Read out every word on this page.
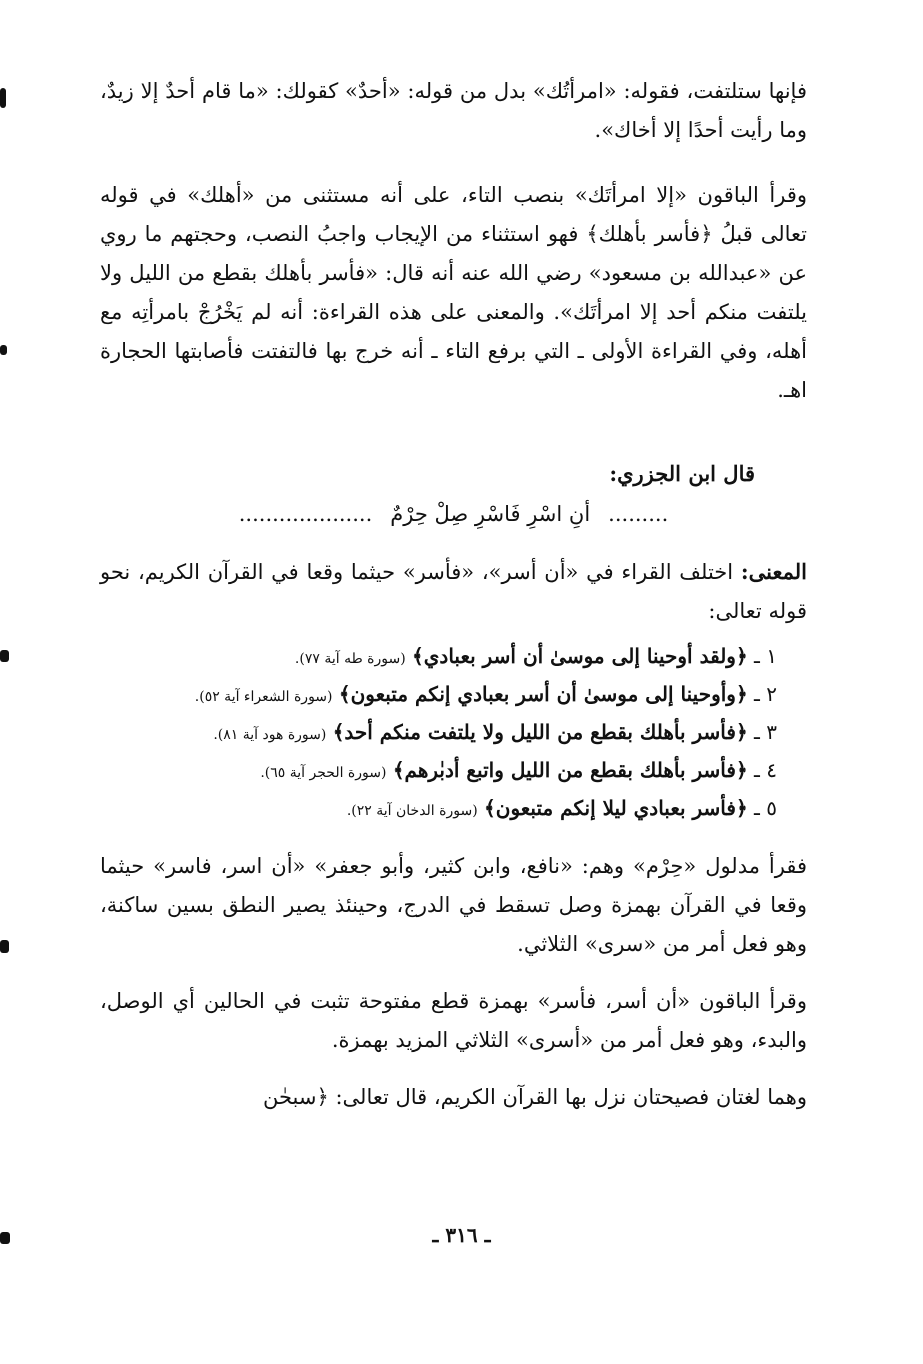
فإنها ستلتفت، فقوله: «امرأتُك» بدل من قوله: «أحدٌ» كقولك: «ما قام أحدٌ إلا زيدٌ، وما رأيت أحدًا إلا أخاك».

وقرأ الباقون «إلا امرأتَك» بنصب التاء، على أنه مستثنى من «أهلك» في قوله تعالى قبلُ ﴿فأسر بأهلك﴾ فهو استثناء من الإيجاب واجبُ النصب، وحجتهم ما روي عن «عبدالله بن مسعود» رضي الله عنه أنه قال: «فأسر بأهلك بقطع من الليل ولا يلتفت منكم أحد إلا امرأتَك». والمعنى على هذه القراءة: أنه لم يَخْرُجْ بامرأتِه مع أهله، وفي القراءة الأولى ـ التي برفع التاء ـ أنه خرج بها فالتفتت فأصابتها الحجارة اهـ.

قال ابن الجزري:

.........أنِ اسْرِ فَاسْرِ صِلْ حِرْمٌ....................

المعنى: اختلف القراء في «أن أسر»، «فأسر» حيثما وقعا في القرآن الكريم، نحو قوله تعالى:

١ ـ ﴿ولقد أوحينا إلى موسىٰ أن أسر بعبادي﴾ (سورة طه آية ٧٧).
٢ ـ ﴿وأوحينا إلى موسىٰ أن أسر بعبادي إنكم متبعون﴾ (سورة الشعراء آية ٥٢).
٣ ـ ﴿فأسر بأهلك بقطع من الليل ولا يلتفت منكم أحد﴾ (سورة هود آية ٨١).
٤ ـ ﴿فأسر بأهلك بقطع من الليل واتبع أدبٰرهم﴾ (سورة الحجر آية ٦٥).
٥ ـ ﴿فأسر بعبادي ليلا إنكم متبعون﴾ (سورة الدخان آية ٢٢).

فقرأ مدلول «حِرْم» وهم: «نافع، وابن كثير، وأبو جعفر» «أن اسر، فاسر» حيثما وقعا في القرآن بهمزة وصل تسقط في الدرج، وحينئذ يصير النطق بسين ساكنة، وهو فعل أمر من «سرى» الثلاثي.

وقرأ الباقون «أن أسر، فأسر» بهمزة قطع مفتوحة تثبت في الحالين أي الوصل، والبدء، وهو فعل أمر من «أسرى» الثلاثي المزيد بهمزة.

وهما لغتان فصيحتان نزل بها القرآن الكريم، قال تعالى: ﴿سبحٰن

ـ ٣١٦ ـ
